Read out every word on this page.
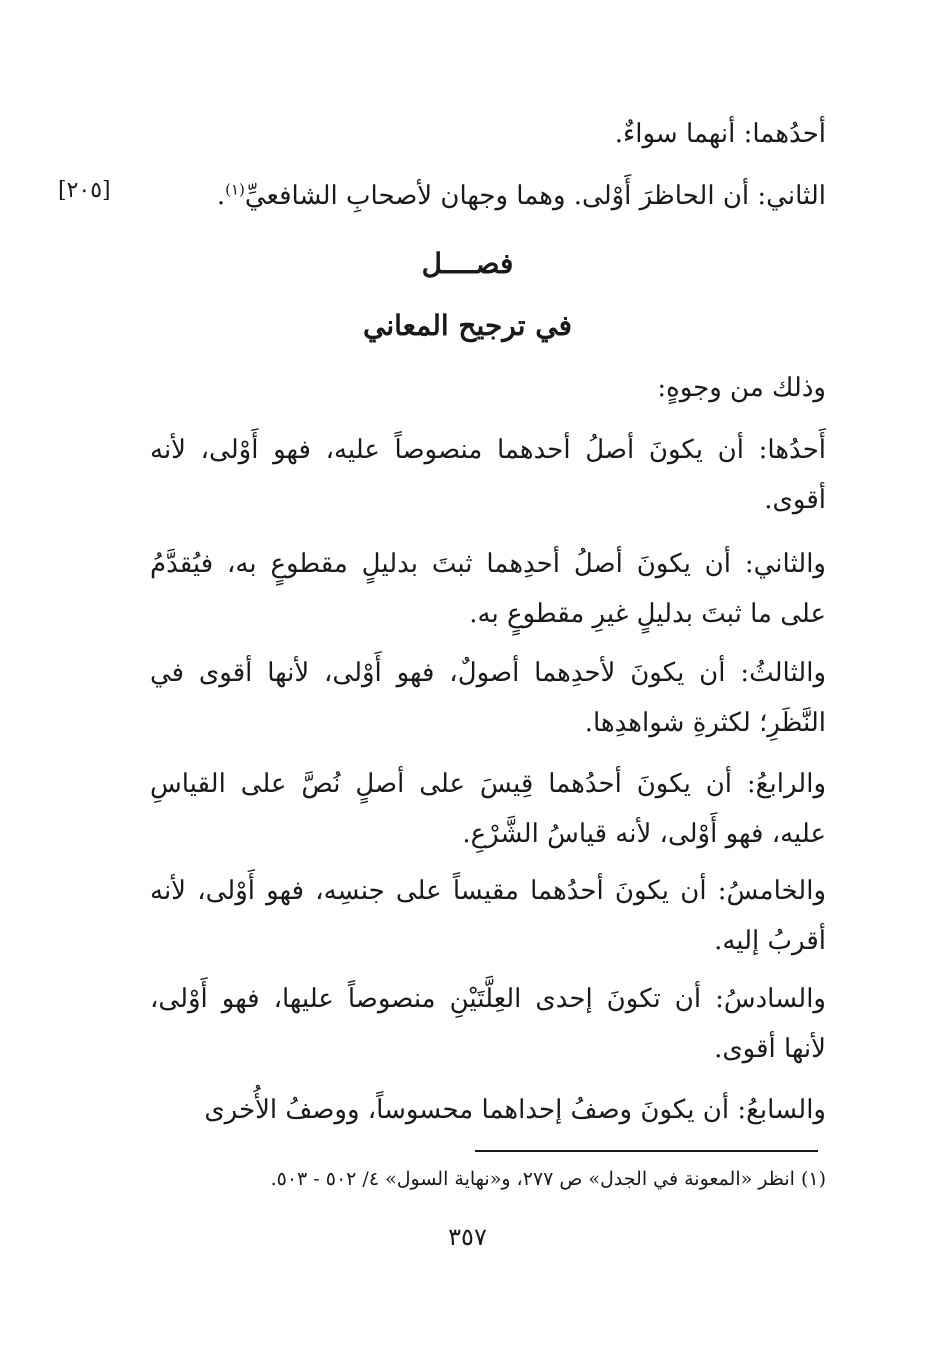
أحدُهما: أنهما سواءٌ.
الثاني: أن الحاظرَ أَوْلى. وهما وجهان لأصحابِ الشافعيِّ$^{(١)}$.
[٢٠٥]
فصــــل
في ترجيح المعاني
وذلك من وجوهٍ:
أَحدُها: أن يكونَ أصلُ أحدهما منصوصاً عليه، فهو أَوْلى، لأنه أقوى.
والثاني: أن يكونَ أصلُ أحدِهما ثبتَ بدليلٍ مقطوعٍ به، فيُقدَّمُ على ما ثبتَ بدليلٍ غيرِ مقطوعٍ به.
والثالثُ: أن يكونَ لأحدِهما أصولٌ، فهو أَوْلى، لأنها أقوى في النَّظَرِ؛ لكثرةِ شواهدِها.
والرابعُ: أن يكونَ أحدُهما قِيسَ على أصلٍ نُصَّ على القياسِ عليه، فهو أَوْلى، لأنه قياسُ الشَّرْعِ.
والخامسُ: أن يكونَ أحدُهما مقيساً على جنسِه، فهو أَوْلى، لأنه أقربُ إليه.
والسادسُ: أن تكونَ إحدى العِلَّتَيْنِ منصوصاً عليها، فهو أَوْلى، لأنها أقوى.
والسابعُ: أن يكونَ وصفُ إحداهما محسوساً، ووصفُ الأُخرى
(١) انظر «المعونة في الجدل» ص ٢٧٧، و«نهاية السول» ٤/ ٥٠٢ - ٥٠٣.
٣٥٧
